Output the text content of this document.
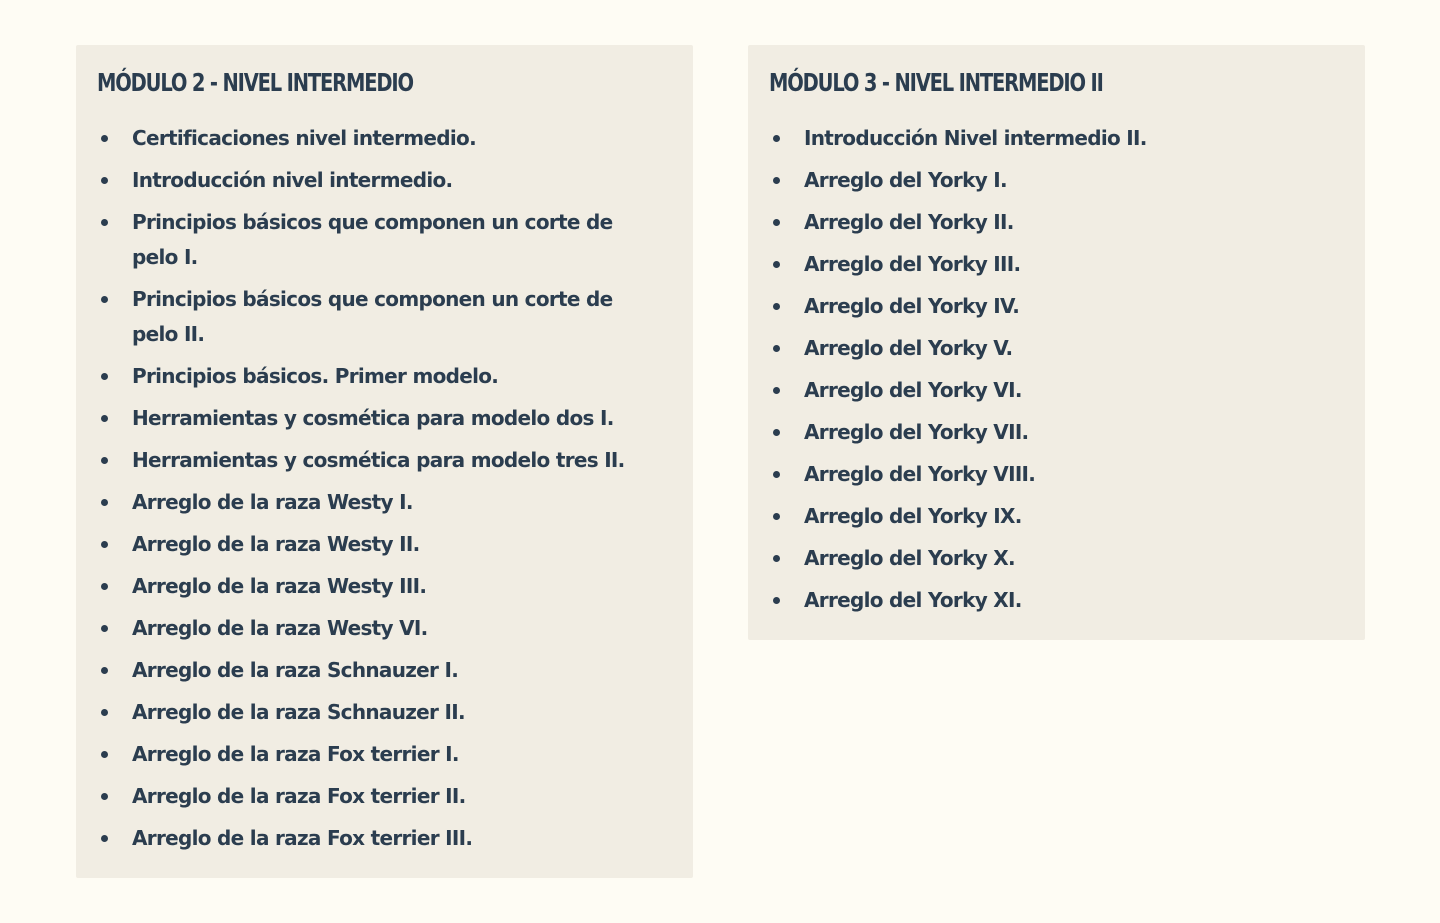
MÓDULO 2 - NIVEL INTERMEDIO
Certificaciones nivel intermedio.
Introducción nivel intermedio.
Principios básicos que componen un corte de
pelo I.
Principios básicos que componen un corte de
pelo II.
Principios básicos. Primer modelo.
Herramientas y cosmética para modelo dos I.
Herramientas y cosmética para modelo tres II.
Arreglo de la raza Westy I.
Arreglo de la raza Westy II.
Arreglo de la raza Westy III.
Arreglo de la raza Westy VI.
Arreglo de la raza Schnauzer I.
Arreglo de la raza Schnauzer II.
Arreglo de la raza Fox terrier I.
Arreglo de la raza Fox terrier II.
Arreglo de la raza Fox terrier III.
MÓDULO 3 - NIVEL INTERMEDIO II
Introducción Nivel intermedio II.
Arreglo del Yorky I.
Arreglo del Yorky II.
Arreglo del Yorky III.
Arreglo del Yorky IV.
Arreglo del Yorky V.
Arreglo del Yorky VI.
Arreglo del Yorky VII.
Arreglo del Yorky VIII.
Arreglo del Yorky IX.
Arreglo del Yorky X.
Arreglo del Yorky XI.
